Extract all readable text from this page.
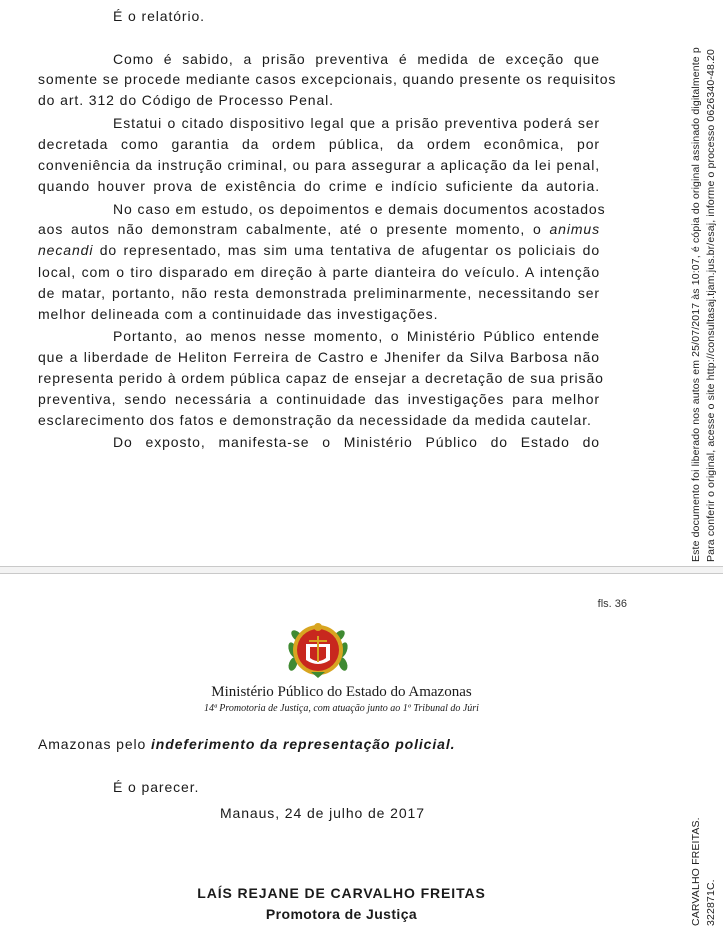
É o relatório.
Como é sabido, a prisão preventiva é medida de exceção que
somente se procede mediante casos excepcionais, quando presente os requisitos
do art. 312 do Código de Processo Penal.
Estatui o citado dispositivo legal que a prisão preventiva poderá ser
decretada como garantia da ordem pública, da ordem econômica, por
conveniência da instrução criminal, ou para assegurar a aplicação da lei penal,
quando houver prova de existência do crime e indício suficiente da autoria.
No caso em estudo, os depoimentos e demais documentos acostados
aos autos não demonstram cabalmente, até o presente momento, o animus
necandi do representado, mas sim uma tentativa de afugentar os policiais do
local, com o tiro disparado em direção à parte dianteira do veículo. A intenção
de matar, portanto, não resta demonstrada preliminarmente, necessitando ser
melhor delineada com a continuidade das investigações.
Portanto, ao menos nesse momento, o Ministério Público entende
que a liberdade de Heliton Ferreira de Castro e Jhenifer da Silva Barbosa não
representa perido à ordem pública capaz de ensejar a decretação de sua prisão
preventiva, sendo necessária a continuidade das investigações para melhor
esclarecimento dos fatos e demonstração da necessidade da medida cautelar.
Do exposto, manifesta-se o Ministério Público do Estado do	Este documento foi liberado nos autos em 25/07/2017 às 10:07, é cópia do original assinado digitalmente p Para conferir o original, acesse o site http://consultasaj.tjam.jus.br/esaj, informe o processo 0626340-48.20
fls. 36
Ministério Público do Estado do Amazonas
14ª Promotoria de Justiça, com atuação junto ao 1º Tribunal do Júri
Amazonas pelo indeferimento da representação policial.
É o parecer.
Manaus, 24 de julho de 2017
LAÍS REJANE DE CARVALHO FREITAS
Promotora de Justiça	CARVALHO FREITAS. 322871C.
